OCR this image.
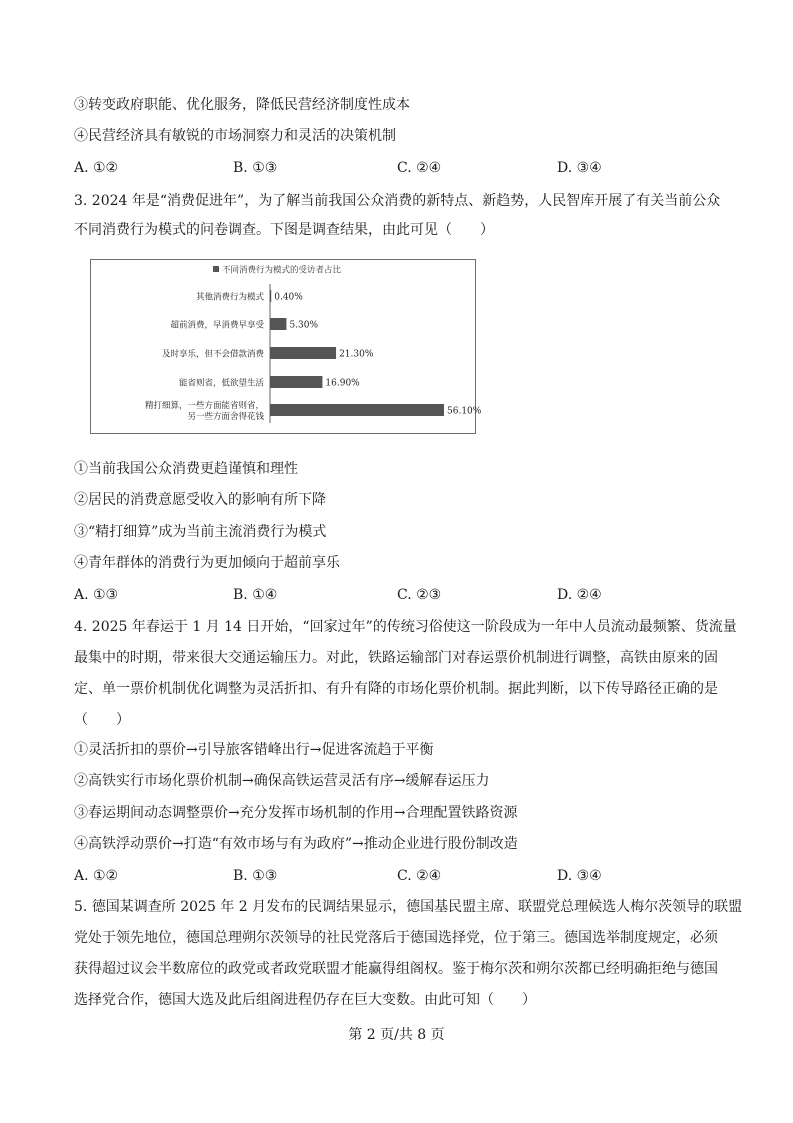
③转变政府职能、优化服务，降低民营经济制度性成本
④民营经济具有敏锐的市场洞察力和灵活的决策机制
A. ①②	B. ①③	C. ②④	D. ③④
3. 2024 年是“消费促进年”，为了解当前我国公众消费的新特点、新趋势，人民智库开展了有关当前公众
不同消费行为模式的问卷调查。下图是调查结果，由此可见（　　）
不同消费行为模式的受访者占比
0.40%
其他消费行为模式
5.30%
超前消费，早消费早享受
21.30%
及时享乐，但不会借款消费
16.90%
能省则省，低欲望生活
56.10%
精打细算，一些方面能省则省，
另一些方面舍得花钱
①当前我国公众消费更趋谨慎和理性
②居民的消费意愿受收入的影响有所下降
③“精打细算”成为当前主流消费行为模式
④青年群体的消费行为更加倾向于超前享乐
A. ①③	B. ①④	C. ②③	D. ②④
4. 2025 年春运于 1 月 14 日开始，“回家过年”的传统习俗使这一阶段成为一年中人员流动最频繁、货流量
最集中的时期，带来很大交通运输压力。对此，铁路运输部门对春运票价机制进行调整，高铁由原来的固
定、单一票价机制优化调整为灵活折扣、有升有降的市场化票价机制。据此判断，以下传导路径正确的是
（　　）
①灵活折扣的票价→引导旅客错峰出行→促进客流趋于平衡
②高铁实行市场化票价机制→确保高铁运营灵活有序→缓解春运压力
③春运期间动态调整票价→充分发挥市场机制的作用→合理配置铁路资源
④高铁浮动票价→打造“有效市场与有为政府”→推动企业进行股份制改造
A. ①②	B. ①③	C. ②④	D. ③④
5. 德国某调查所 2025 年 2 月发布的民调结果显示，德国基民盟主席、联盟党总理候选人梅尔茨领导的联盟
党处于领先地位，德国总理朔尔茨领导的社民党落后于德国选择党，位于第三。德国选举制度规定，必须
获得超过议会半数席位的政党或者政党联盟才能赢得组阁权。鉴于梅尔茨和朔尔茨都已经明确拒绝与德国
选择党合作，德国大选及此后组阁进程仍存在巨大变数。由此可知（　　）
第 2 页/共 8 页
